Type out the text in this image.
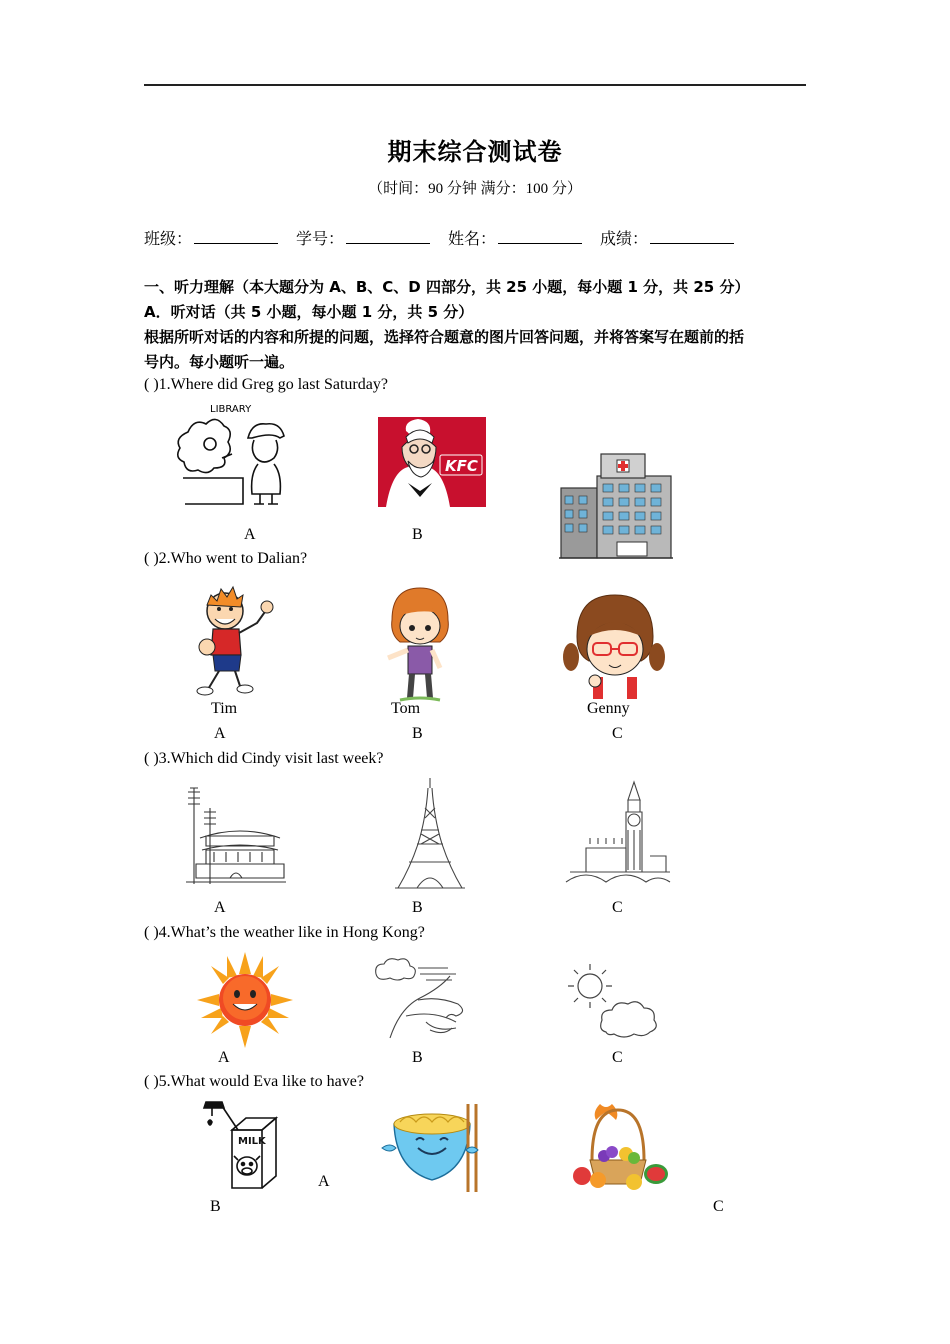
期末综合测试卷
（时间：90 分钟 满分：100 分）
班级：	学号：	姓名：	成绩：
一、听力理解（本大题分为 A、B、C、D 四部分，共 25 小题，每小题 1 分，共 25 分）
A．听对话（共 5 小题，每小题 1 分，共 5 分）
根据所听对话的内容和所提的问题，选择符合题意的图片回答问题，并将答案写在题前的括
号内。每小题听一遍。
( )1.Where did Greg go last Saturday?
LIBRARY
KFC
A	B
( )2.Who went to Dalian?
Tim	Tom	Genny
A	B	C
( )3.Which did Cindy visit last week?
A	B	C
( )4.What’s the weather like in Hong Kong?
A	B	C
( )5.What would Eva like to have?
MILK
A
B	C
